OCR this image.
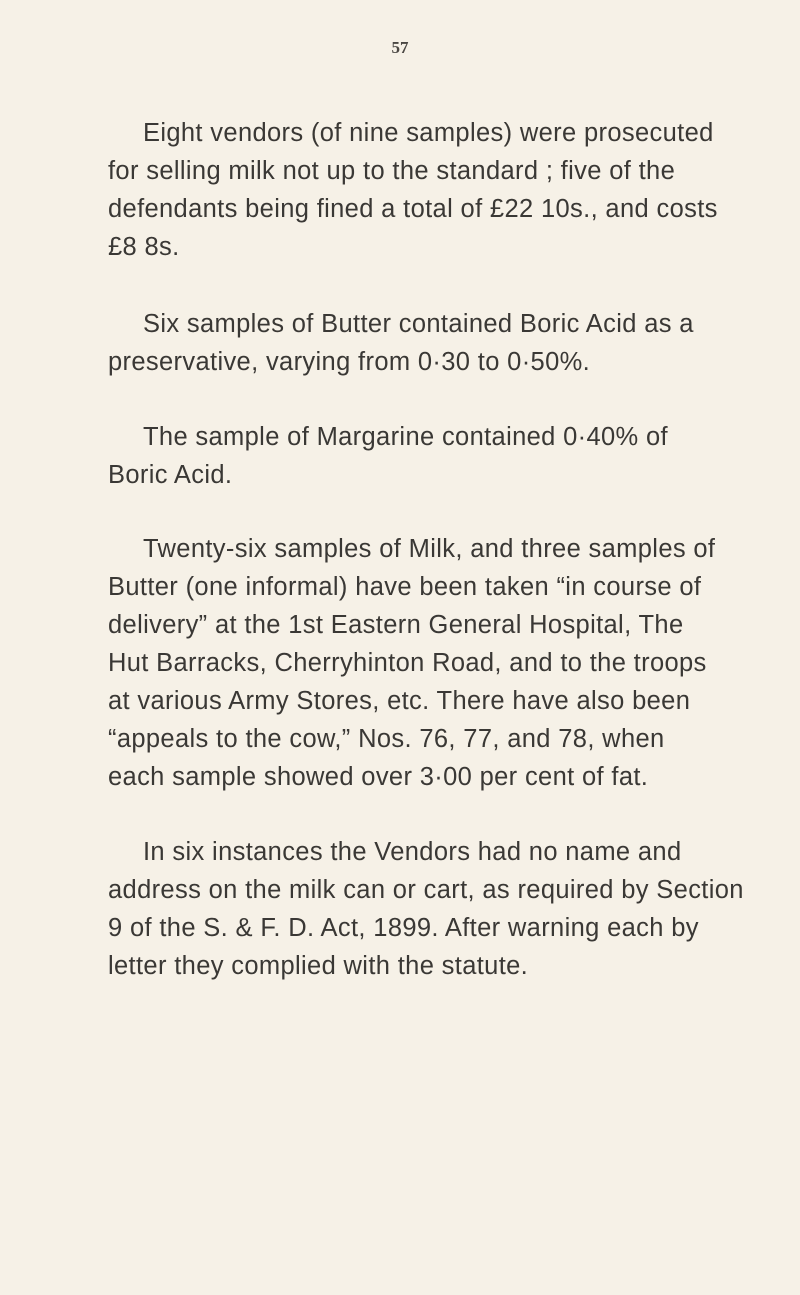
57

Eight vendors (of nine samples) were prosecuted
for selling milk not up to the standard ; five of the
defendants being fined a total of £22 10s., and costs
£8 8s.

Six samples of Butter contained Boric Acid as a
preservative, varying from 0·30 to 0·50%.

The sample of Margarine contained 0·40% of
Boric Acid.

Twenty-six samples of Milk, and three samples of
Butter (one informal) have been taken “in course of
delivery” at the 1st Eastern General Hospital, The
Hut Barracks, Cherryhinton Road, and to the troops
at various Army Stores, etc. There have also been
“appeals to the cow,” Nos. 76, 77, and 78, when
each sample showed over 3·00 per cent of fat.

In six instances the Vendors had no name and
address on the milk can or cart, as required by Section
9 of the S. & F. D. Act, 1899. After warning each by
letter they complied with the statute.
